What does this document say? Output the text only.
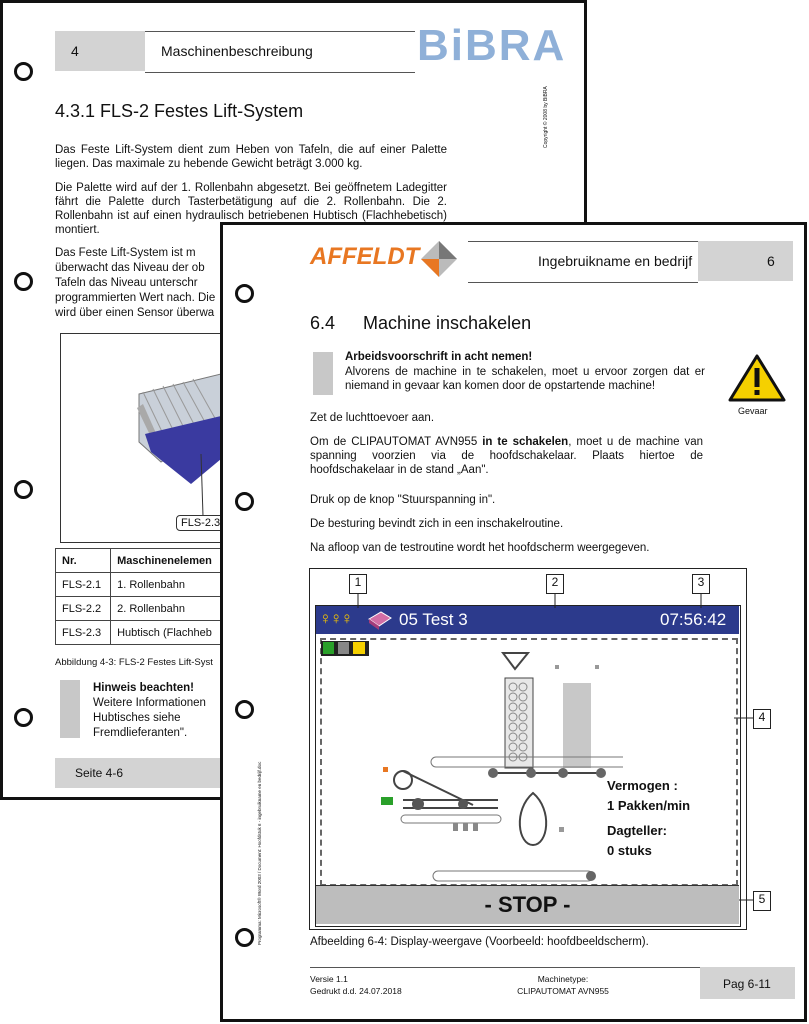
4	Maschinenbeschreibung BiBRA
Copyright © 2008 by BiBRA
4.3.1 FLS-2 Festes Lift-System
Das Feste Lift-System dient zum Heben von Tafeln, die auf einer Palette liegen. Das maximale zu hebende Gewicht beträgt 3.000 kg.
Die Palette wird auf der 1. Rollenbahn abgesetzt. Bei geöffnetem Ladegitter fährt die Palette durch Tasterbetätigung auf die 2. Rollenbahn. Die 2. Rollenbahn ist auf einen hydraulisch betriebenen Hubtisch (Flachhebetisch) montiert.
Das Feste Lift-System ist m
überwacht das Niveau der ob
Tafeln das Niveau unterschr
programmierten Wert nach. Die
wird über einen Sensor überwa
FLS-2.3
Nr.	Maschinenelemen
FLS-2.1	1. Rollenbahn
FLS-2.2	2. Rollenbahn
FLS-2.3	Hubtisch (Flachheb
Abbildung 4-3: FLS-2 Festes Lift-Syst
Hinweis beachten!
Weitere Informationen
Hubtisches siehe
Fremdlieferanten".
Seite 4-6
AFFELDT	Ingebruikname en bedrijf	6
6.4 Machine inschakelen
Arbeidsvoorschrift in acht nemen!
Alvorens de machine in te schakelen, moet u ervoor zorgen dat er niemand in gevaar kan komen door de opstartende machine!
Gevaar
Zet de luchttoevoer aan.
Om de CLIPAUTOMAT AVN955 in te schakelen, moet u de machine van spanning voorzien via de hoofdschakelaar. Plaats hiertoe de hoofdschakelaar in de stand „Aan".
Druk op de knop "Stuurspanning in".
De besturing bevindt zich in een inschakelroutine.
Na afloop van de testroutine wordt het hoofdscherm weergegeven.
♀♀♀	05 Test 3	07:56:42
Vermogen :
1 Pakken/min
Dagteller:
0 stuks
- STOP -
1	2	3
4
5
Afbeelding 6-4: Display-weergave (Voorbeeld: hoofdbeeldscherm).
Programma: Microsoft® Word 2003 / Document: Hoofdstuk 6 - ingebruikname en bedrijf.doc
Versie 1.1
Gedrukt d.d. 24.07.2018
Machinetype:
CLIPAUTOMAT AVN955	Pag 6-11
